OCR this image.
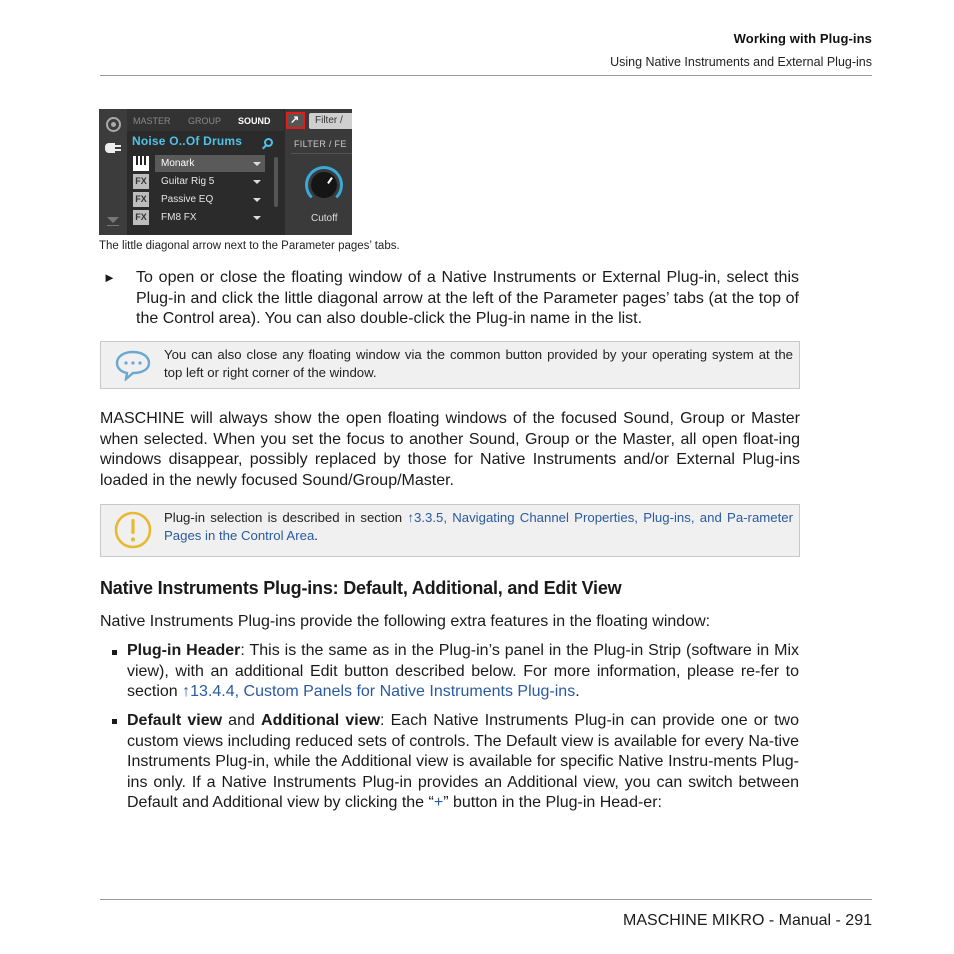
Working with Plug-ins
Using Native Instruments and External Plug-ins
MASTER GROUP SOUND
Noise O..Of Drums
Monark
FX	Guitar Rig 5
FX	Passive EQ
FX	FM8 FX
↗	Filter /
FILTER / FE
Cutoff
The little diagonal arrow next to the Parameter pages’ tabs.
► To open or close the floating window of a Native Instruments or External Plug-in, select this Plug-in and click the little diagonal arrow at the left of the Parameter pages’ tabs (at the top of the Control area). You can also double-click the Plug-in name in the list.
You can also close any floating window via the common button provided by your operating system at the top left or right corner of the window.
MASCHINE will always show the open floating windows of the focused Sound, Group or Master when selected. When you set the focus to another Sound, Group or the Master, all open float-ing windows disappear, possibly replaced by those for Native Instruments and/or External Plug-ins loaded in the newly focused Sound/Group/Master.
Plug-in selection is described in section ↑3.3.5, Navigating Channel Properties, Plug-ins, and Pa-rameter Pages in the Control Area.
Native Instruments Plug-ins: Default, Additional, and Edit View
Native Instruments Plug-ins provide the following extra features in the floating window:
Plug-in Header: This is the same as in the Plug-in’s panel in the Plug-in Strip (software in Mix view), with an additional Edit button described below. For more information, please re-fer to section ↑13.4.4, Custom Panels for Native Instruments Plug-ins.
Default view and Additional view: Each Native Instruments Plug-in can provide one or two custom views including reduced sets of controls. The Default view is available for every Na-tive Instruments Plug-in, while the Additional view is available for specific Native Instru-ments Plug-ins only. If a Native Instruments Plug-in provides an Additional view, you can switch between Default and Additional view by clicking the “+” button in the Plug-in Head-er:
MASCHINE MIKRO - Manual - 291
